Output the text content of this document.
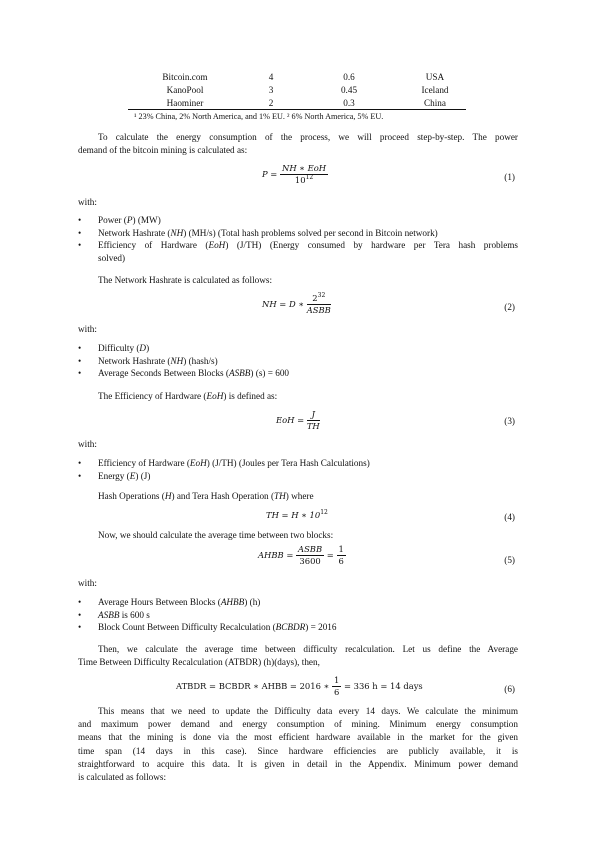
Bitcoin.com	4	0.6	USA
KanoPool	3	0.45	Iceland
Haominer	2	0.3	China
¹ 23% China, 2% North America, and 1% EU. ² 6% North America, 5% EU.
To calculate the energy consumption of the process, we will proceed step-by-step. The power
demand of the bitcoin mining is calculated as:
$P = \frac{\text{NH ∗ EoH}}{10^{12}}$	(1)
with:
• Power (P) (MW)
• Network Hashrate (NH) (MH/s) (Total hash problems solved per second in Bitcoin network)
• Efficiency of Hardware (EoH) (J/TH) (Energy consumed by hardware per Tera hash problems
solved)
The Network Hashrate is calculated as follows:
NH = D ∗ $\frac{2^{32}}{\text{ASBB}}$	(2)
with:
• Difficulty (D)
• Network Hashrate (NH) (hash/s)
• Average Seconds Between Blocks (ASBB) (s) = 600
The Efficiency of Hardware (EoH) is defined as:
EoH = $\frac{J}{TH}$	(3)
with:
• Efficiency of Hardware (EoH) (J/TH) (Joules per Tera Hash Calculations)
• Energy (E) (J)
Hash Operations (H) and Tera Hash Operation (TH) where
TH = H ∗ $10^{12}$	(4)
Now, we should calculate the average time between two blocks:
AHBB = $\frac{\text{ASBB}}{3600} = \frac{1}{6}$	(5)
with:
• Average Hours Between Blocks (AHBB) (h)
• ASBB is 600 s
• Block Count Between Difficulty Recalculation (BCBDR) = 2016
Then, we calculate the average time between difficulty recalculation. Let us define the Average
Time Between Difficulty Recalculation (ATBDR) (h)(days), then,
ATBDR = BCBDR ∗ AHBB = 2016 ∗ $\frac{1}{6} = 336$ h = 14 days	(6)
This means that we need to update the Difficulty data every 14 days. We calculate the minimum
and maximum power demand and energy consumption of mining. Minimum energy consumption
means that the mining is done via the most efficient hardware available in the market for the given
time span (14 days in this case). Since hardware efficiencies are publicly available, it is
straightforward to acquire this data. It is given in detail in the Appendix. Minimum power demand
is calculated as follows:
